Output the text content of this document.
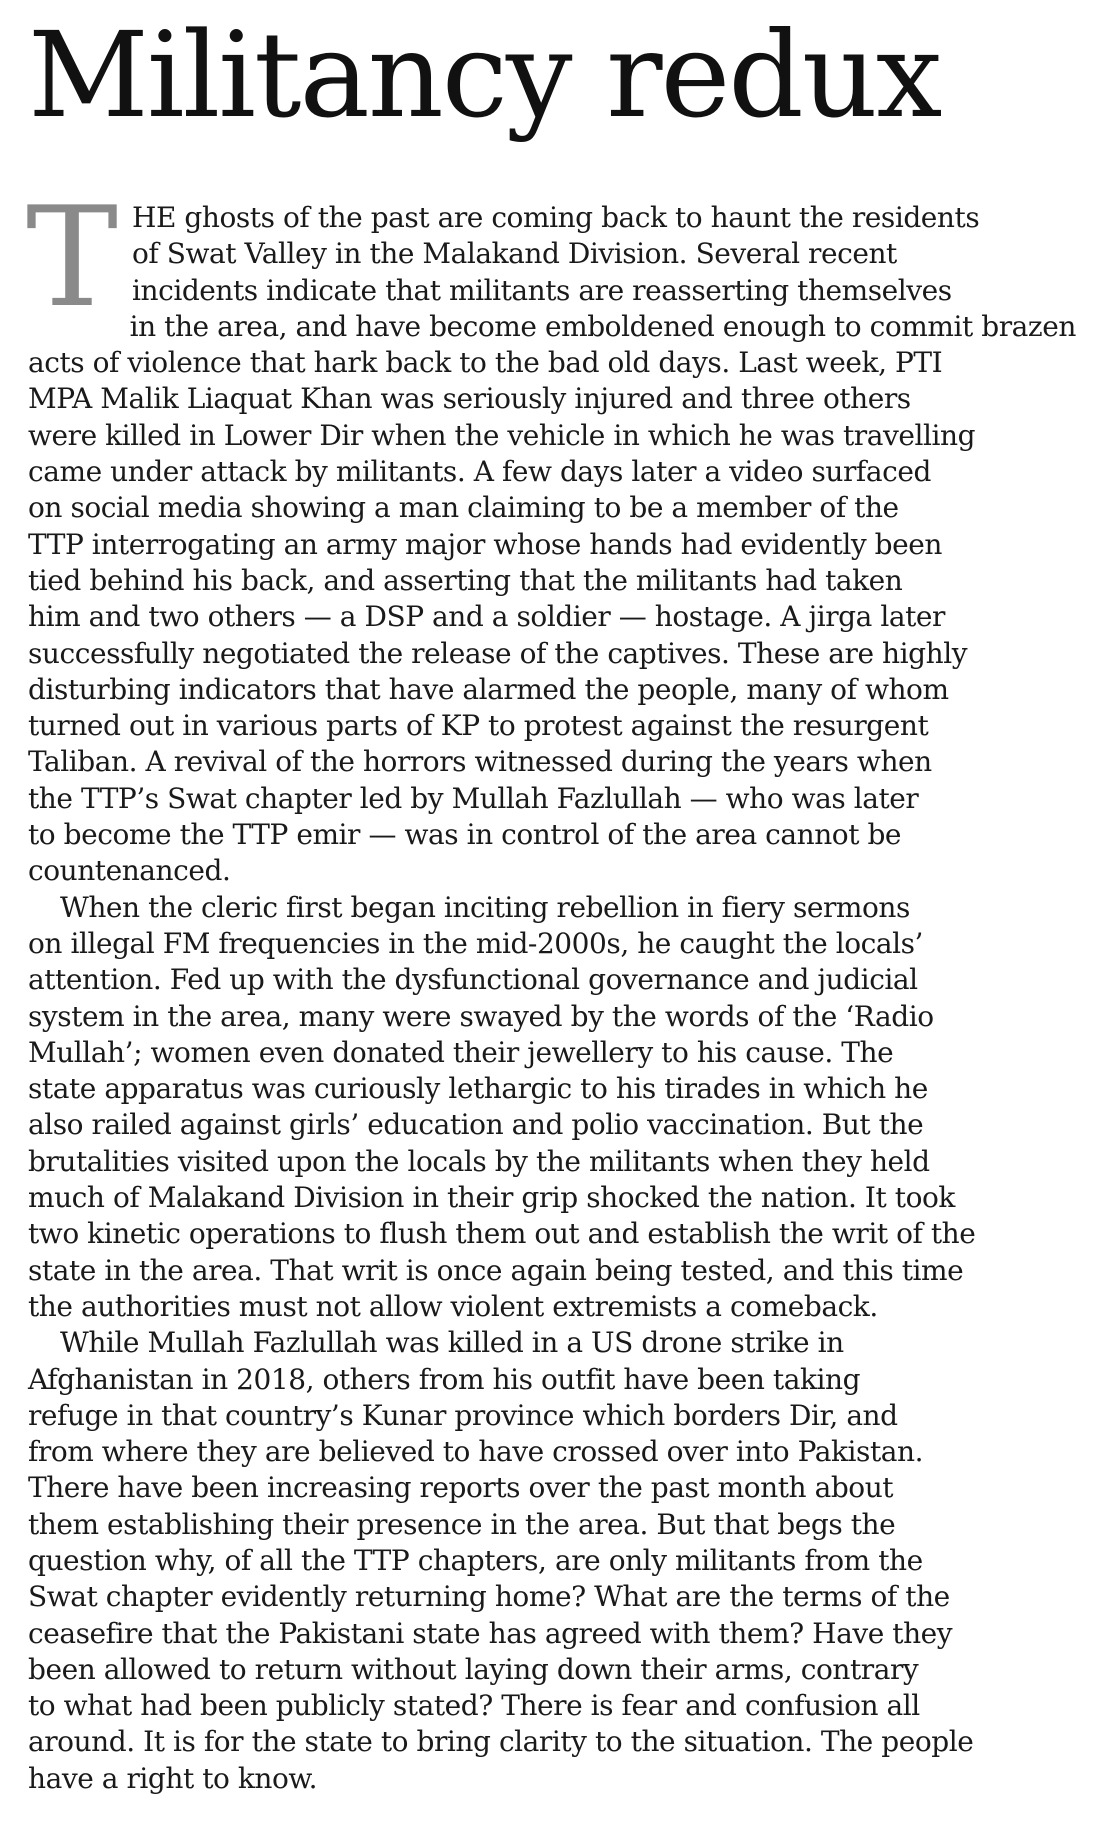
Militancy redux
T HE ghosts of the past are coming back to haunt the residents
of Swat Valley in the Malakand Division. Several recent
incidents indicate that militants are reasserting themselves
in the area, and have become emboldened enough to commit brazen
acts of violence that hark back to the bad old days. Last week, PTI
MPA Malik Liaquat Khan was seriously injured and three others
were killed in Lower Dir when the vehicle in which he was travelling
came under attack by militants. A few days later a video surfaced
on social media showing a man claiming to be a member of the
TTP interrogating an army major whose hands had evidently been
tied behind his back, and asserting that the militants had taken
him and two others — a DSP and a soldier — hostage. A jirga later
successfully negotiated the release of the captives. These are highly
disturbing indicators that have alarmed the people, many of whom
turned out in various parts of KP to protest against the resurgent
Taliban. A revival of the horrors witnessed during the years when
the TTP’s Swat chapter led by Mullah Fazlullah — who was later
to become the TTP emir — was in control of the area cannot be
countenanced.
When the cleric first began inciting rebellion in fiery sermons
on illegal FM frequencies in the mid-2000s, he caught the locals’
attention. Fed up with the dysfunctional governance and judicial
system in the area, many were swayed by the words of the ‘Radio
Mullah’; women even donated their jewellery to his cause. The
state apparatus was curiously lethargic to his tirades in which he
also railed against girls’ education and polio vaccination. But the
brutalities visited upon the locals by the militants when they held
much of Malakand Division in their grip shocked the nation. It took
two kinetic operations to flush them out and establish the writ of the
state in the area. That writ is once again being tested, and this time
the authorities must not allow violent extremists a comeback.
While Mullah Fazlullah was killed in a US drone strike in
Afghanistan in 2018, others from his outfit have been taking
refuge in that country’s Kunar province which borders Dir, and
from where they are believed to have crossed over into Pakistan.
There have been increasing reports over the past month about
them establishing their presence in the area. But that begs the
question why, of all the TTP chapters, are only militants from the
Swat chapter evidently returning home? What are the terms of the
ceasefire that the Pakistani state has agreed with them? Have they
been allowed to return without laying down their arms, contrary
to what had been publicly stated? There is fear and confusion all
around. It is for the state to bring clarity to the situation. The people
have a right to know.
